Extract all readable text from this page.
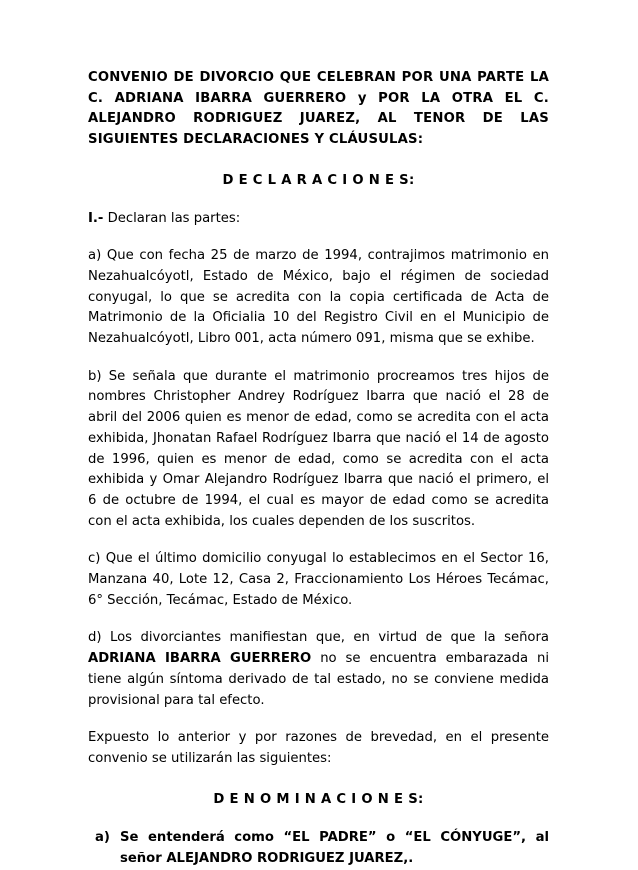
CONVENIO DE DIVORCIO QUE CELEBRAN POR UNA PARTE LA C. ADRIANA IBARRA GUERRERO y POR LA OTRA EL C. ALEJANDRO RODRIGUEZ JUAREZ, AL TENOR DE LAS SIGUIENTES DECLARACIONES Y CLÁUSULAS:

D E C L A R A C I O N E S:

I.- Declaran las partes:

a) Que con fecha 25 de marzo de 1994, contrajimos matrimonio en Nezahualcóyotl, Estado de México, bajo el régimen de sociedad conyugal, lo que se acredita con la copia certificada de Acta de Matrimonio de la Oficialia 10 del Registro Civil en el Municipio de Nezahualcóyotl, Libro 001, acta número 091, misma que se exhibe.

b) Se señala que durante el matrimonio procreamos tres hijos de nombres Christopher Andrey Rodríguez Ibarra que nació el 28 de abril del 2006 quien es menor de edad, como se acredita con el acta exhibida, Jhonatan Rafael Rodríguez Ibarra que nació el 14 de agosto de 1996, quien es menor de edad, como se acredita con el acta exhibida y Omar Alejandro Rodríguez Ibarra que nació el primero, el 6 de octubre de 1994, el cual es mayor de edad como se acredita con el acta exhibida, los cuales dependen de los suscritos.

c) Que el último domicilio conyugal lo establecimos en el Sector 16, Manzana 40, Lote 12, Casa 2, Fraccionamiento Los Héroes Tecámac, 6° Sección, Tecámac, Estado de México.

d) Los divorciantes manifiestan que, en virtud de que la señora ADRIANA IBARRA GUERRERO no se encuentra embarazada ni tiene algún síntoma derivado de tal estado, no se conviene medida provisional para tal efecto.

Expuesto lo anterior y por razones de brevedad, en el presente convenio se utilizarán las siguientes:

D E N O M I N A C I O N E S:

a) Se entenderá como “EL PADRE” o “EL CÓNYUGE”, al señor ALEJANDRO RODRIGUEZ JUAREZ,.
